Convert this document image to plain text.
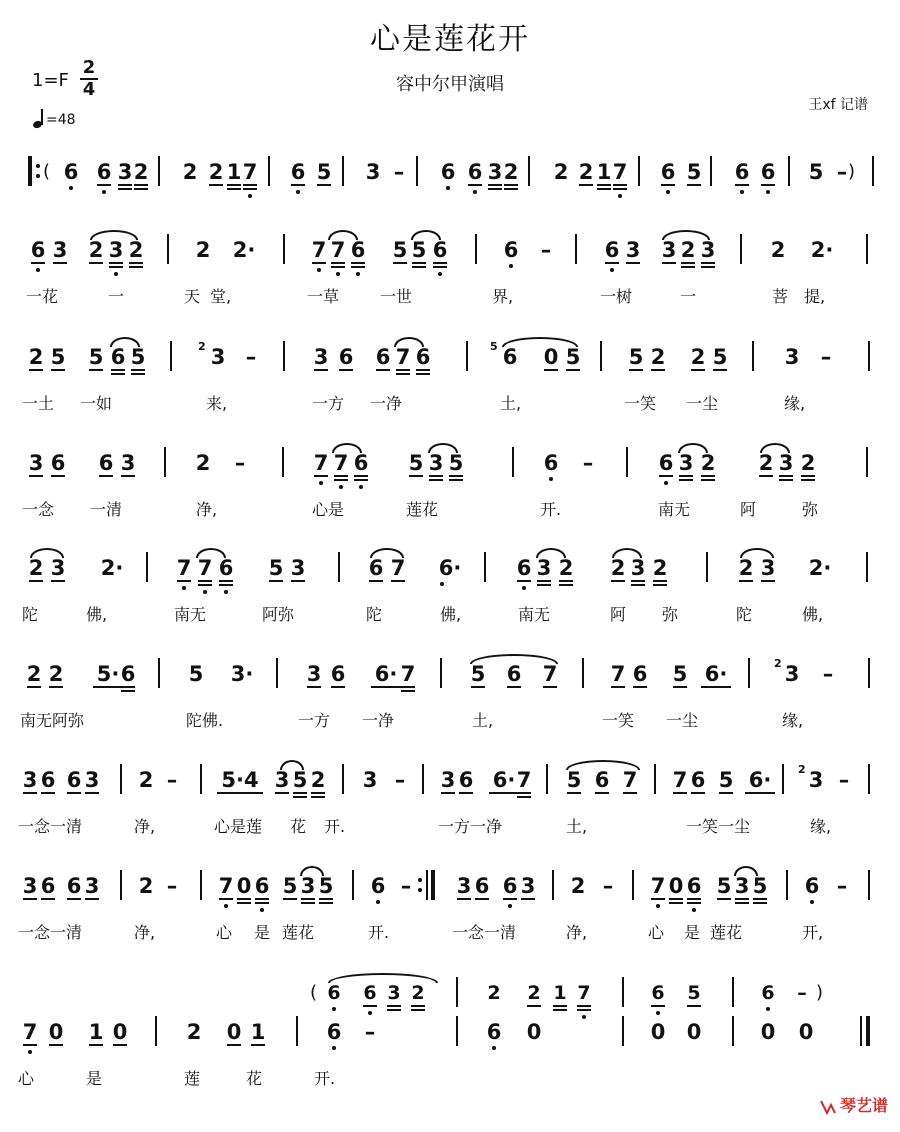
心是莲花开
1=F
2
4	容中尔甲演唱
=48
王xf 记谱
( 6 6 3 2 2 2 1 7 6 5 3 – 6 6 3 2 2 2 1 7 6 5 6 6 5 – )
6 3 2 3 2 2 2·	7 7 6 5 5 6	6 –	6 3 3 2 3	2 2·
一花	一	天 堂,	一草	一世	界,	一树	一	菩 提,
2 5 5 6 5	2 3 –	3 6 6 7 6	5 6 0 5 5 2 2 5	3 –
一土 一如	来,	一方 一净	土,	一笑 一尘	缘,
3 6 6 3	2 –	7 7 6 5 3 5	6 –	6 3 2 2 3 2
一念 一清	净,	心是	莲花	开.	南无	阿	弥
2 3 2·	7 7 6 5 3	6 7 6·	6 3 2 2 3 2	2 3 2·
陀	佛,	南无	阿弥	陀	佛,	南无	阿 弥	陀	佛,
2 2 5· 6	5 3·	3 6 6· 7	5 6 7	7 6 5 6·	2 3 –
南无阿弥	陀佛.	一方 一净	土,	一笑 一尘	缘,
3 6 6 3 2 – 5·4 3 5 2 3 – 3 6 6· 7 5 6 7 7 6 5 6·	2 3 –
一念一清	净,	心是莲 花 开.	一方一净	土,	一笑一尘	缘,
3 6 6 3 2 – 7 0 6 5 3 5 6 – 3 6 6 3 2 – 7 0 6 5 3 5 6 –
一念一清	净,	心 是 莲花	开.	一念一清	净,	心 是 莲花	开,
( 6 6 3 2	2 2 1 7	6 5	6 – )
7 0 1 0	2 0 1	6 –	6 0	0 0	0 0
心	是	莲	花	开.
琴艺谱
